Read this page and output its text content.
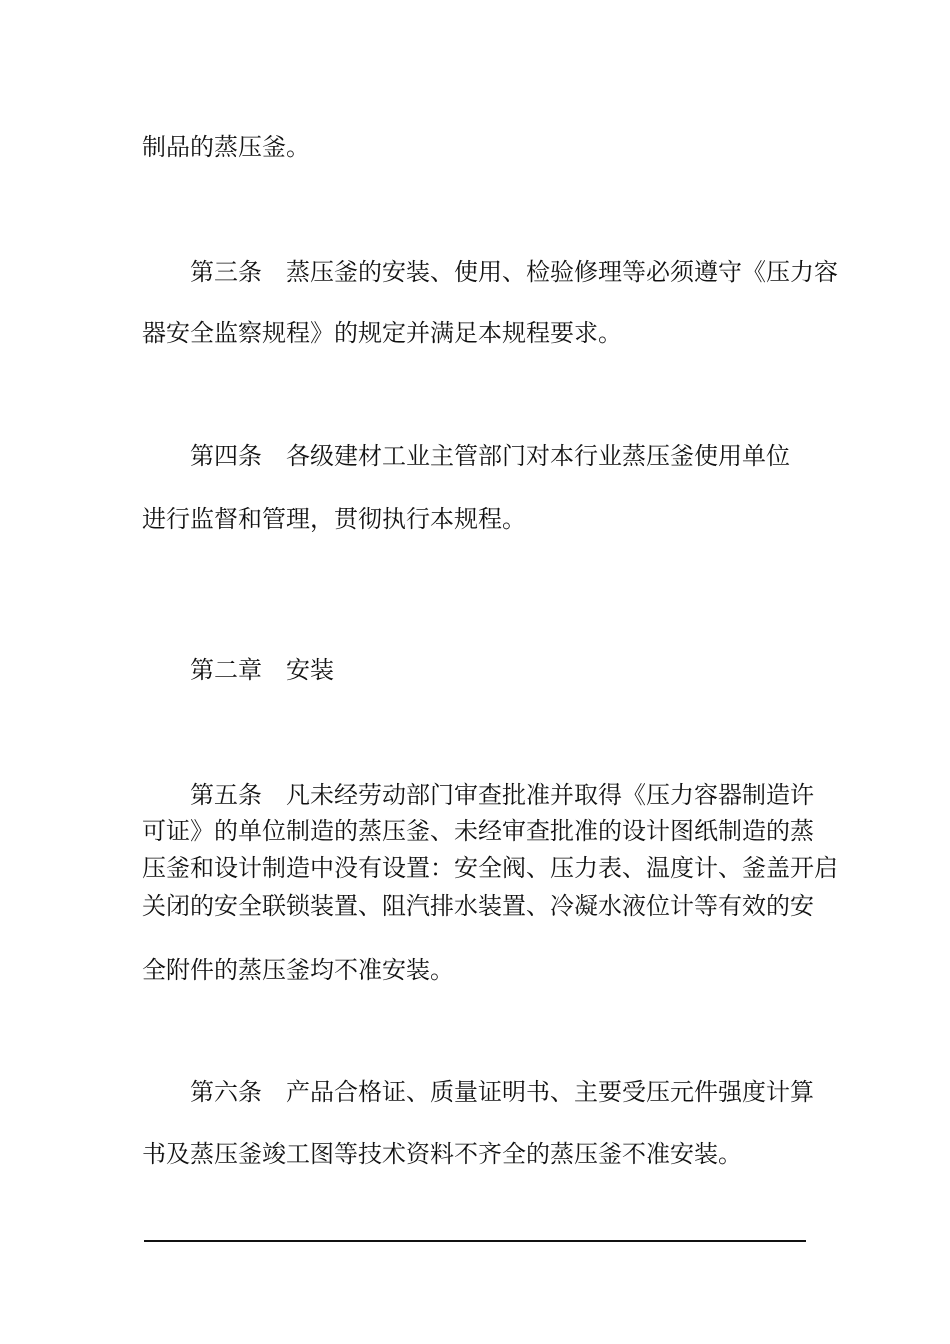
制品的蒸压釜。
第三条 蒸压釜的安装、使用、检验修理等必须遵守《压力容
器安全监察规程》的规定并满足本规程要求。
第四条 各级建材工业主管部门对本行业蒸压釜使用单位
进行监督和管理，贯彻执行本规程。
第二章 安装
第五条 凡未经劳动部门审查批准并取得《压力容器制造许
可证》的单位制造的蒸压釜、未经审查批准的设计图纸制造的蒸
压釜和设计制造中没有设置：安全阀、压力表、温度计、釜盖开启
关闭的安全联锁装置、阻汽排水装置、冷凝水液位计等有效的安
全附件的蒸压釜均不准安装。
第六条 产品合格证、质量证明书、主要受压元件强度计算
书及蒸压釜竣工图等技术资料不齐全的蒸压釜不准安装。
